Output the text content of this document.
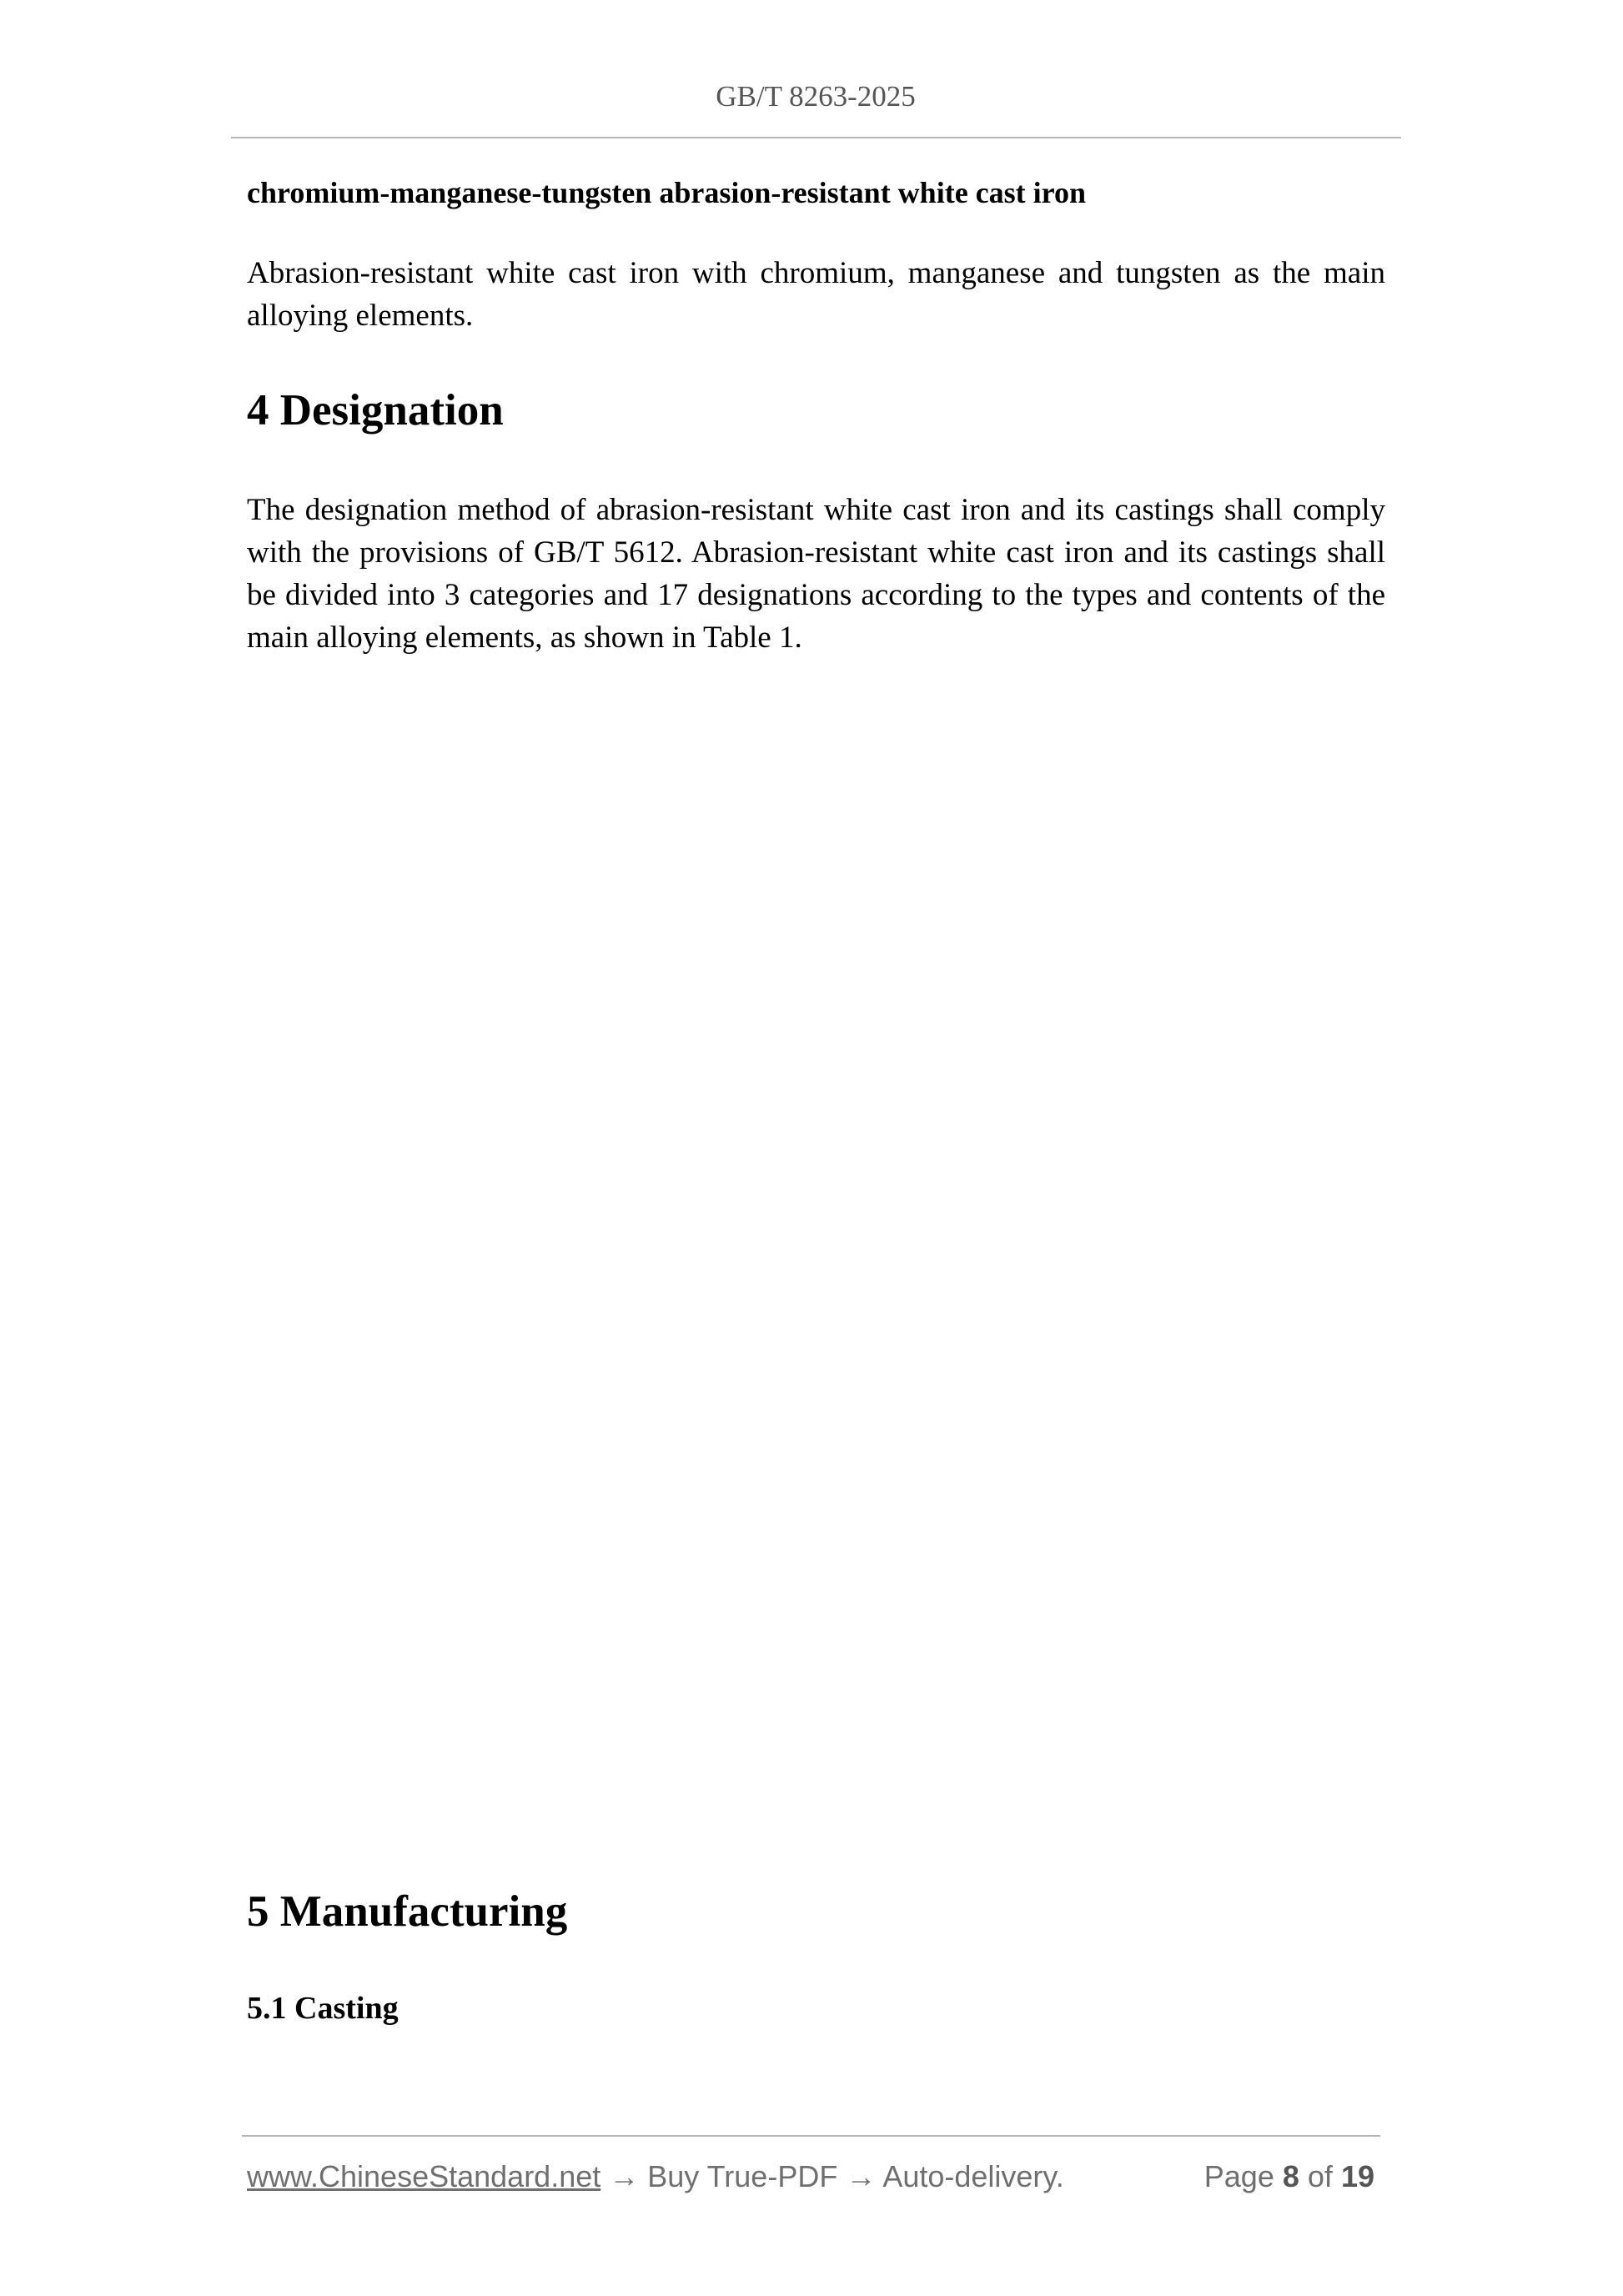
GB/T 8263-2025
chromium-manganese-tungsten abrasion-resistant white cast iron
Abrasion-resistant white cast iron with chromium, manganese and tungsten as the main alloying elements.
4 Designation
The designation method of abrasion-resistant white cast iron and its castings shall comply with the provisions of GB/T 5612. Abrasion-resistant white cast iron and its castings shall be divided into 3 categories and 17 designations according to the types and contents of the main alloying elements, as shown in Table 1.
5 Manufacturing
5.1 Casting
www.ChineseStandard.net → Buy True-PDF → Auto-delivery.	Page 8 of 19
